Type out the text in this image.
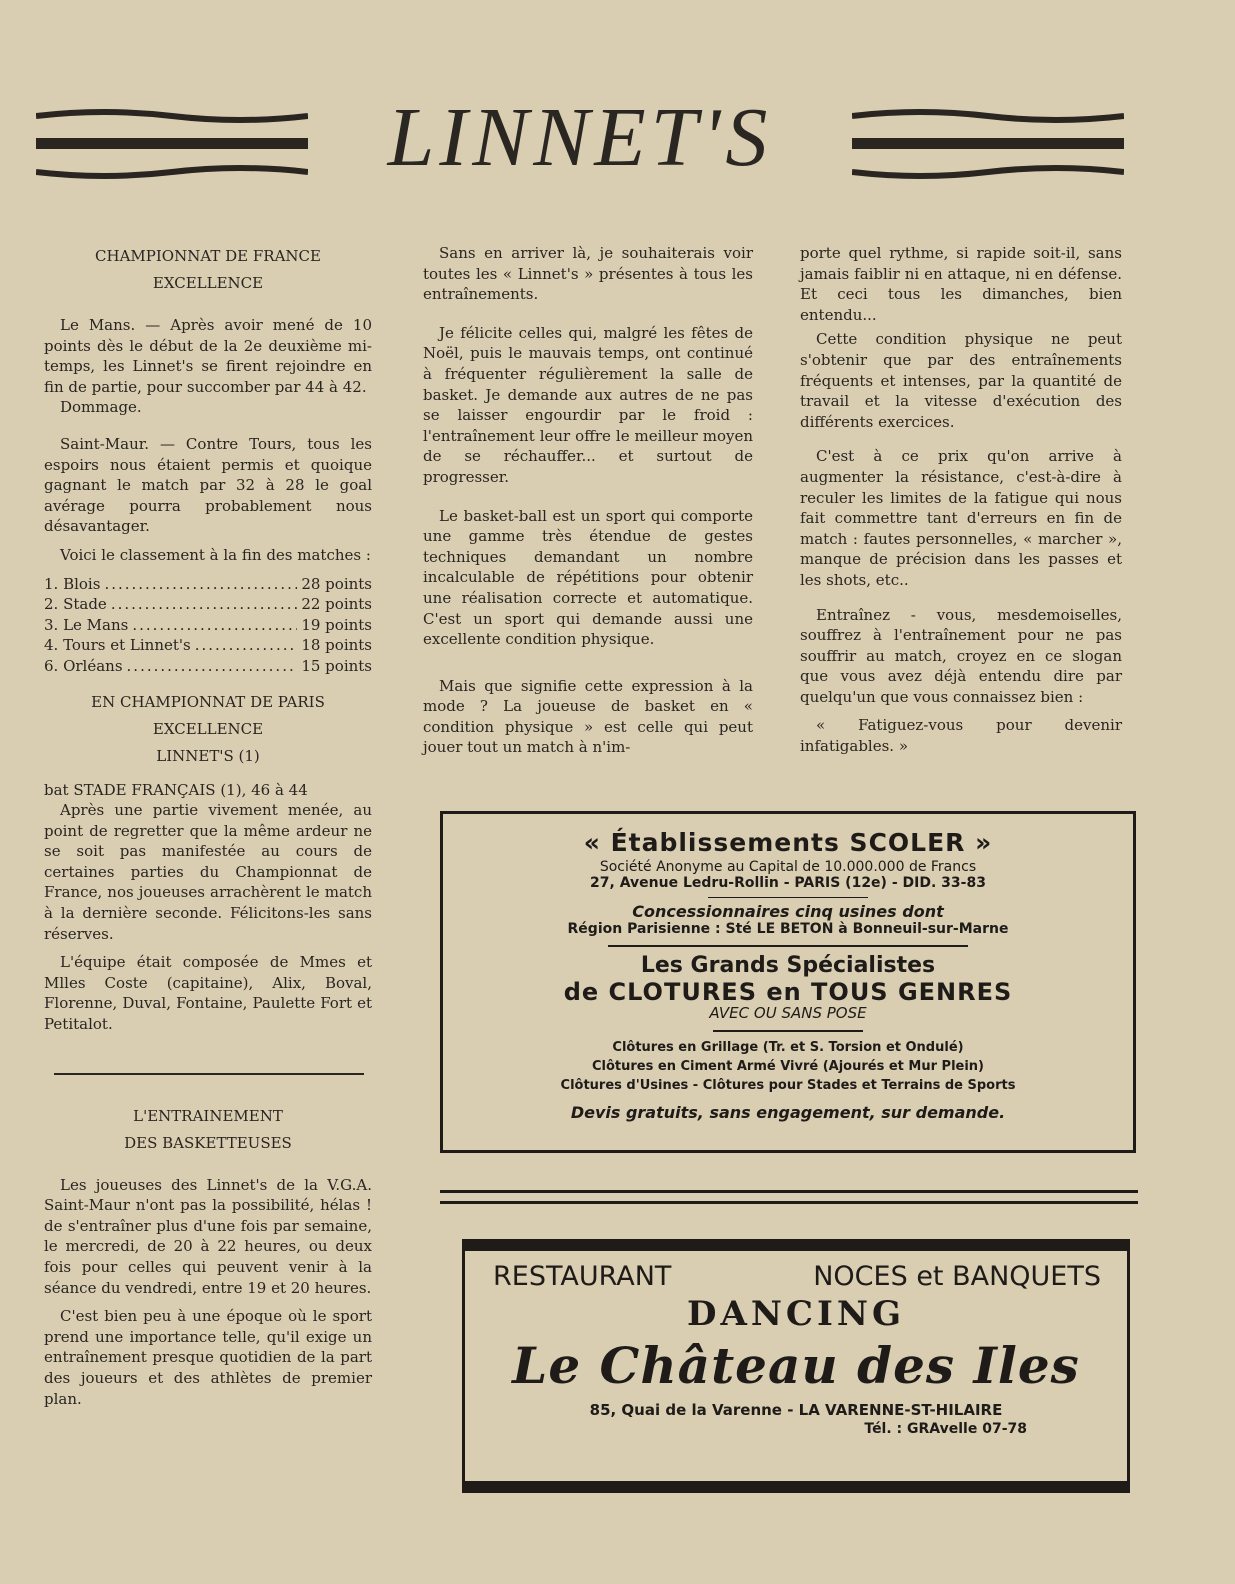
LINNET'S
CHAMPIONNAT DE FRANCE
EXCELLENCE

Le Mans. — Après avoir mené de 10 points dès le début de la 2e deuxième mi-temps, les Linnet's se firent rejoindre en fin de partie, pour succomber par 44 à 42.

Dommage.

Saint-Maur. — Contre Tours, tous les espoirs nous étaient permis et quoique gagnant le match par 32 à 28 le goal avérage pourra probablement nous désavantager.

Voici le classement à la fin des matches :

1. Blois .....	28 points
2. Stade .....	22 points
3. Le Mans .....	19 points
4. Tours et Linnet's .....	18 points
6. Orléans .....	15 points
EN CHAMPIONNAT DE PARIS
EXCELLENCE
LINNET'S (1)

bat STADE FRANÇAIS (1), 46 à 44

Après une partie vivement menée, au point de regretter que la même ardeur ne se soit pas manifestée au cours de certaines parties du Championnat de France, nos joueuses arrachèrent le match à la dernière seconde. Félicitons-les sans réserves.

L'équipe était composée de Mmes et Mlles Coste (capitaine), Alix, Boval, Florenne, Duval, Fontaine, Paulette Fort et Petitalot.

L'ENTRAINEMENT
DES BASKETTEUSES

Les joueuses des Linnet's de la V.G.A. Saint-Maur n'ont pas la possibilité, hélas ! de s'entraîner plus d'une fois par semaine, le mercredi, de 20 à 22 heures, ou deux fois pour celles qui peuvent venir à la séance du vendredi, entre 19 et 20 heures.

C'est bien peu à une époque où le sport prend une importance telle, qu'il exige un entraînement presque quotidien de la part des joueurs et des athlètes de premier plan.

Sans en arriver là, je souhaiterais voir toutes les « Linnet's » présentes à tous les entraînements.

Je félicite celles qui, malgré les fêtes de Noël, puis le mauvais temps, ont continué à fréquenter régulièrement la salle de basket. Je demande aux autres de ne pas se laisser engourdir par le froid : l'entraînement leur offre le meilleur moyen de se réchauffer... et surtout de progresser.

Le basket-ball est un sport qui comporte une gamme très étendue de gestes techniques demandant un nombre incalculable de répétitions pour obtenir une réalisation correcte et automatique. C'est un sport qui demande aussi une excellente condition physique.

Mais que signifie cette expression à la mode ? La joueuse de basket en « condition physique » est celle qui peut jouer tout un match à n'im-

porte quel rythme, si rapide soit-il, sans jamais faiblir ni en attaque, ni en défense. Et ceci tous les dimanches, bien entendu...

Cette condition physique ne peut s'obtenir que par des entraînements fréquents et intenses, par la quantité de travail et la vitesse d'exécution des différents exercices.

C'est à ce prix qu'on arrive à augmenter la résistance, c'est-à-dire à reculer les limites de la fatigue qui nous fait commettre tant d'erreurs en fin de match : fautes personnelles, « marcher », manque de précision dans les passes et les shots, etc..

Entraînez - vous, mesdemoiselles, souffrez à l'entraînement pour ne pas souffrir au match, croyez en ce slogan que vous avez déjà entendu dire par quelqu'un que vous connaissez bien :

« Fatiguez-vous pour devenir infatigables. »

« Établissements SCOLER »
Société Anonyme au Capital de 10.000.000 de Francs
27, Avenue Ledru-Rollin - PARIS (12e) - DID. 33-83
Concessionnaires cinq usines dont
Région Parisienne : Sté LE BETON à Bonneuil-sur-Marne
Les Grands Spécialistes
de CLOTURES en TOUS GENRES
AVEC OU SANS POSE
Clôtures en Grillage (Tr. et S. Torsion et Ondulé)
Clôtures en Ciment Armé Vivré (Ajourés et Mur Plein)
Clôtures d'Usines - Clôtures pour Stades et Terrains de Sports
Devis gratuits, sans engagement, sur demande.
RESTAURANT	NOCES et BANQUETS
DANCING
Le Château des Iles
85, Quai de la Varenne - LA VARENNE-ST-HILAIRE
Tél. : GRAvelle 07-78
